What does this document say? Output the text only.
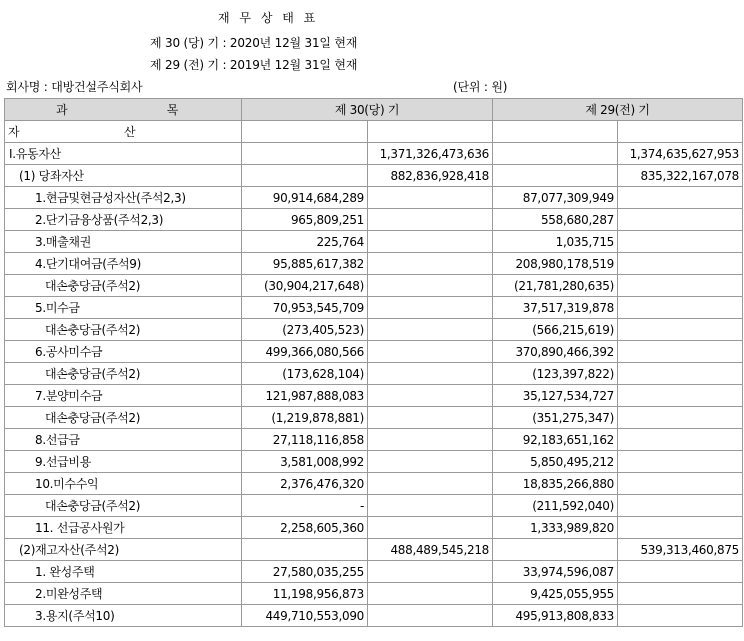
재 무 상 태 표
제 30 (당) 기 : 2020년 12월 31일 현재
제 29 (전) 기 : 2019년 12월 31일 현재
회사명 : 대방건설주식회사	(단위 : 원)
과 목	제 30(당) 기		제 29(전) 기	
자 산				
Ⅰ.유동자산		1,371,326,473,636		1,374,635,627,953
(1) 당좌자산		882,836,928,418		835,322,167,078
1.현금및현금성자산(주석2,3)	90,914,684,289		87,077,309,949	
2.단기금융상품(주석2,3)	965,809,251		558,680,287	
3.매출채권	225,764		1,035,715	
4.단기대여금(주석9)	95,885,617,382		208,980,178,519	
대손충당금(주석2)	(30,904,217,648)		(21,781,280,635)	
5.미수금	70,953,545,709		37,517,319,878	
대손충당금(주석2)	(273,405,523)		(566,215,619)	
6.공사미수금	499,366,080,566		370,890,466,392	
대손충당금(주석2)	(173,628,104)		(123,397,822)	
7.분양미수금	121,987,888,083		35,127,534,727	
대손충당금(주석2)	(1,219,878,881)		(351,275,347)	
8.선급금	27,118,116,858		92,183,651,162	
9.선급비용	3,581,008,992		5,850,495,212	
10.미수수익	2,376,476,320		18,835,266,880	
대손충당금(주석2)	-		(211,592,040)	
11. 선급공사원가	2,258,605,360		1,333,989,820	
(2)재고자산(주석2)		488,489,545,218		539,313,460,875
1. 완성주택	27,580,035,255		33,974,596,087	
2.미완성주택	11,198,956,873		9,425,055,955	
3.용지(주석10)	449,710,553,090		495,913,808,833	
